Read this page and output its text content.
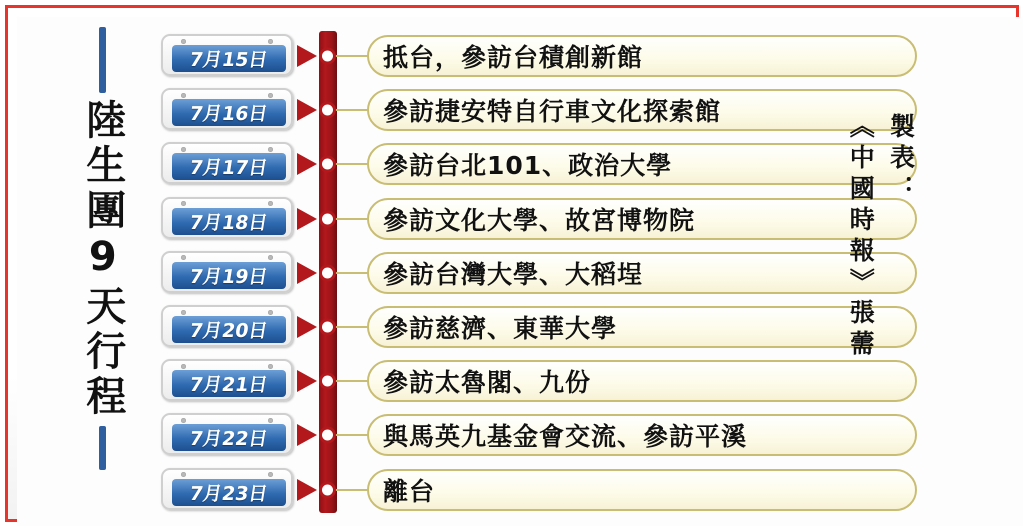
陸生團9天行程
7月15日	抵台，參訪台積創新館
7月16日	參訪捷安特自行車文化探索館
7月17日	參訪台北101、政治大學
7月18日	參訪文化大學、故宮博物院
7月19日	參訪台灣大學、大稻埕
7月20日	參訪慈濟、東華大學
7月21日	參訪太魯閣、九份
7月22日	與馬英九基金會交流、參訪平溪
7月23日	離台
《中國時報》張薷 製表：
